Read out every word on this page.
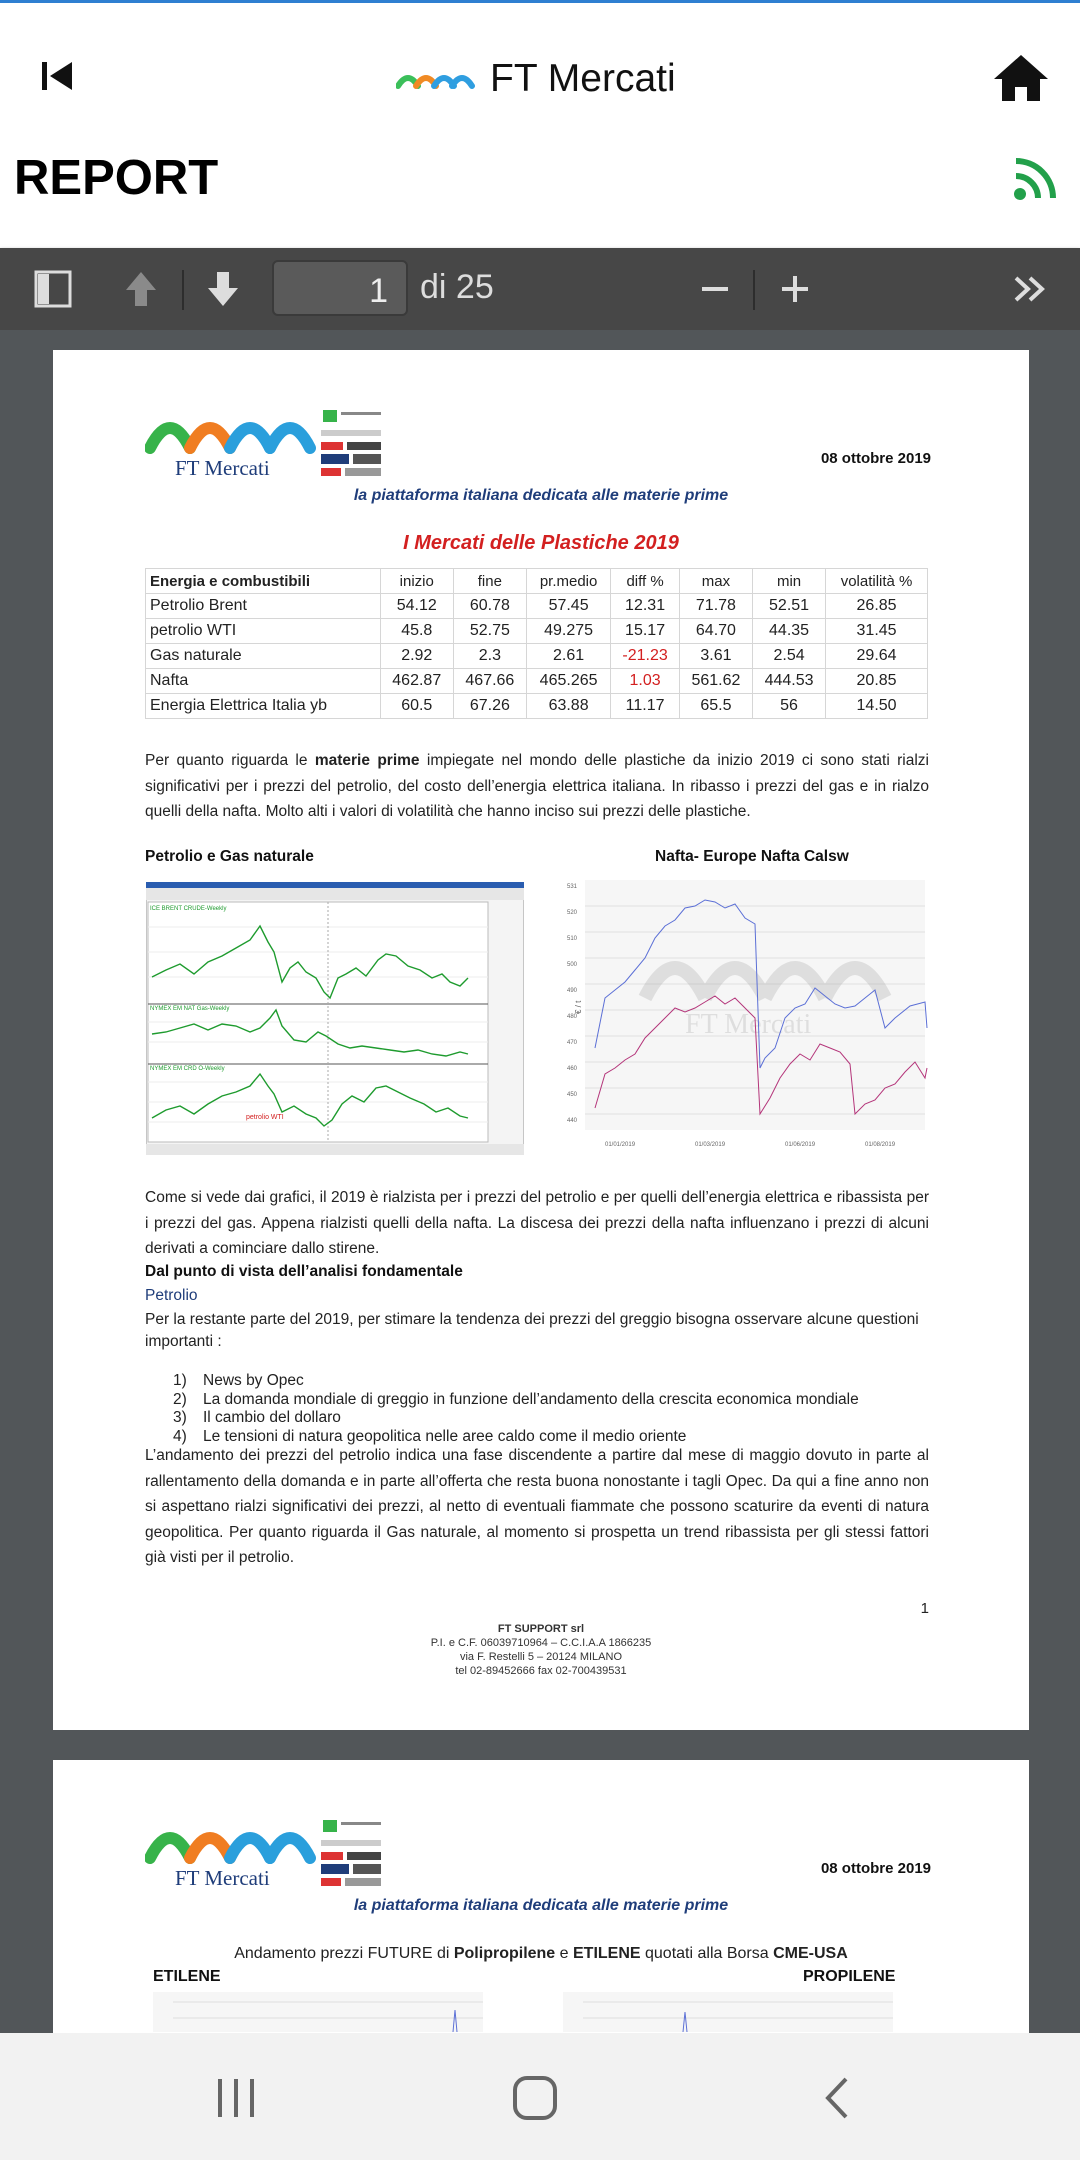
FT Mercati
REPORT
1 di 25
FT Mercati	08 ottobre 2019
la piattaforma italiana dedicata alle materie prime
I Mercati delle Plastiche 2019
Energia e combustibili	inizio	fine	pr.medio	diff %	max	min	volatilità %
Petrolio Brent	54.12	60.78	57.45	12.31	71.78	52.51	26.85
petrolio WTI	45.8	52.75	49.275	15.17	64.70	44.35	31.45
Gas naturale	2.92	2.3	2.61	-21.23	3.61	2.54	29.64
Nafta	462.87	467.66	465.265	1.03	561.62	444.53	20.85
Energia Elettrica Italia yb	60.5	67.26	63.88	11.17	65.5	56	14.50
Per quanto riguarda le materie prime impiegate nel mondo delle plastiche da inizio 2019 ci sono stati rialzi significativi per i prezzi del petrolio, del costo dell’energia elettrica italiana. In ribasso i prezzi del gas e in rialzo quelli della nafta. Molto alti i valori di volatilità che hanno inciso sui prezzi delle plastiche.
Petrolio e Gas naturale	Nafta- Europe Nafta Calsw
ICE BRENT CRUDE-Weekly
NYMEX EM NAT Gas-Weekly
NYMEX EM CRD O-Weekly
petrolio WTI
531
520
510
500
490
480
470
460
450
440
€ / t
FT Mercati
01/01/2019	01/03/2019	01/06/2019	01/08/2019
Come si vede dai grafici, il 2019 è rialzista per i prezzi del petrolio e per quelli dell’energia elettrica e ribassista per i prezzi del gas. Appena rialzisti quelli della nafta. La discesa dei prezzi della nafta influenzano i prezzi di alcuni derivati a cominciare dallo stirene.
Dal punto di vista dell’analisi fondamentale
Petrolio
Per la restante parte del 2019, per stimare la tendenza dei prezzi del greggio bisogna osservare alcune questioni importanti :
1) News by Opec
2) La domanda mondiale di greggio in funzione dell’andamento della crescita economica mondiale
3) Il cambio del dollaro
4) Le tensioni di natura geopolitica nelle aree caldo come il medio oriente
L’andamento dei prezzi del petrolio indica una fase discendente a partire dal mese di maggio dovuto in parte al rallentamento della domanda e in parte all’offerta che resta buona nonostante i tagli Opec. Da qui a fine anno non si aspettano rialzi significativi dei prezzi, al netto di eventuali fiammate che possono scaturire da eventi di natura geopolitica. Per quanto riguarda il Gas naturale, al momento si prospetta un trend ribassista per gli stessi fattori già visti per il petrolio.
1
FT SUPPORT srl
P.I. e C.F. 06039710964 – C.C.I.A.A 1866235
via F. Restelli 5 – 20124 MILANO
tel 02-89452666 fax 02-700439531
FT Mercati	08 ottobre 2019
la piattaforma italiana dedicata alle materie prime
Andamento prezzi FUTURE di Polipropilene e ETILENE quotati alla Borsa CME-USA
ETILENE	PROPILENE
